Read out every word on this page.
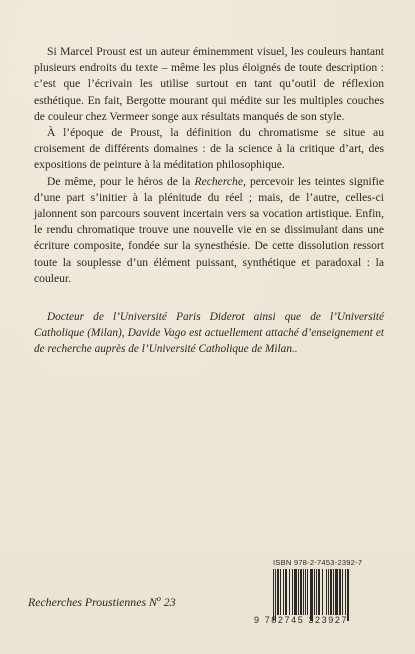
Si Marcel Proust est un auteur éminemment visuel, les couleurs hantant plusieurs endroits du texte – même les plus éloignés de toute description : c’est que l’écrivain les utilise surtout en tant qu’outil de réflexion esthétique. En fait, Bergotte mourant qui médite sur les multiples couches de couleur chez Vermeer songe aux résultats manqués de son style.

À l’époque de Proust, la définition du chromatisme se situe au croisement de différents domaines : de la science à la critique d’art, des expositions de peinture à la méditation philosophique.

De même, pour le héros de la Recherche, percevoir les teintes signifie d’une part s’initier à la plénitude du réel ; mais, de l’autre, celles-ci jalonnent son parcours souvent incertain vers sa vocation artistique. Enfin, le rendu chromatique trouve une nouvelle vie en se dissimulant dans une écriture composite, fondée sur la synesthésie. De cette dissolution ressort toute la souplesse d’un élément puissant, synthétique et paradoxal : la couleur.

Docteur de l’Université Paris Diderot ainsi que de l’Université Catholique (Milan), Davide Vago est actuellement attaché d’enseignement et de recherche auprès de l’Université Catholique de Milan..
Recherches Proustiennes $N^o$ 23
ISBN 978-2-7453-2392-7
9 782745 323927
